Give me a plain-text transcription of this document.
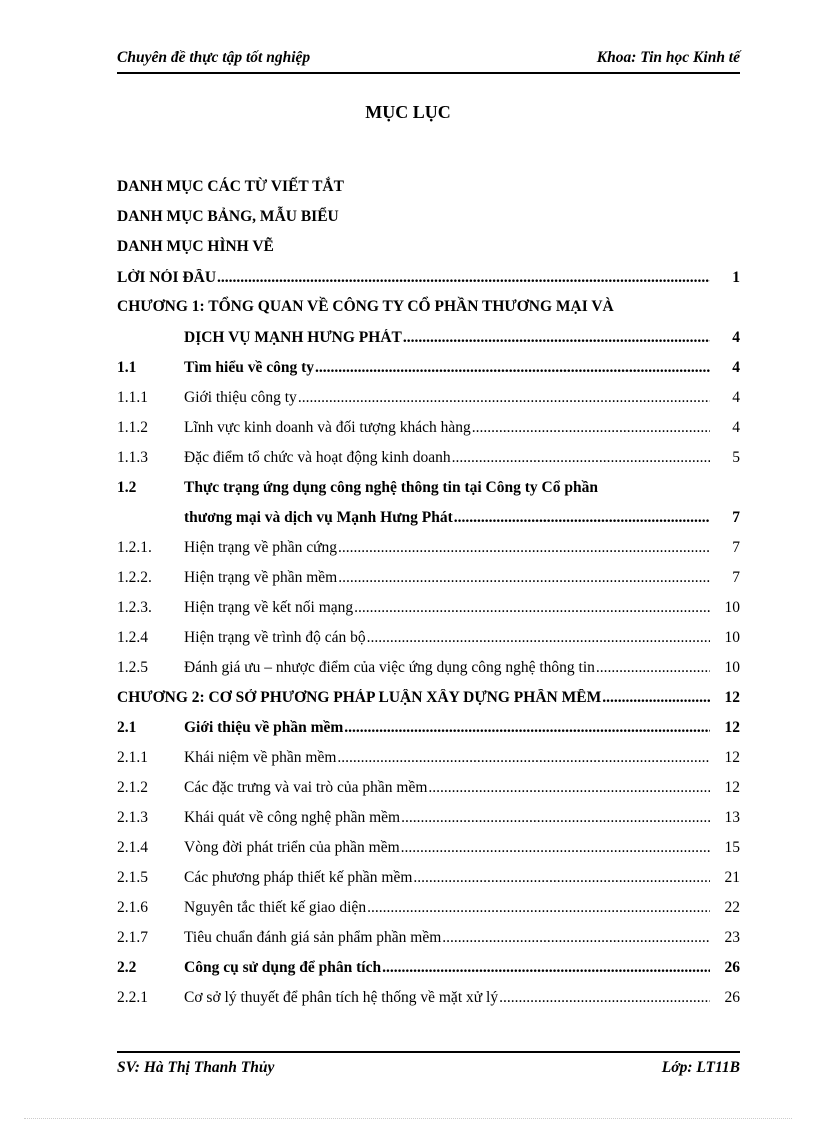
Chuyên đề thực tập tốt nghiệp	Khoa: Tin học Kinh tế
MỤC LỤC
DANH MỤC CÁC TỪ VIẾT TẮT
DANH MỤC BẢNG, MẪU BIỂU
DANH MỤC HÌNH VẼ
LỜI NÓI ĐẦU .....	1
CHƯƠNG 1: TỔNG QUAN VỀ CÔNG TY CỔ PHẦN THƯƠNG MẠI VÀ
DỊCH VỤ MẠNH HƯNG PHÁT .....	4
1.1	Tìm hiểu về công ty .....	4
1.1.1 Giới thiệu công ty .....	4
1.1.2 Lĩnh vực kinh doanh và đối tượng khách hàng .....	4
1.1.3 Đặc điểm tổ chức và hoạt động kinh doanh .....	5
1.2	Thực trạng ứng dụng công nghệ thông tin tại Công ty Cổ phần
thương mại và dịch vụ Mạnh Hưng Phát .....	7
1.2.1. Hiện trạng về phần cứng .....	7
1.2.2. Hiện trạng về phần mềm .....	7
1.2.3. Hiện trạng về kết nối mạng .....	10
1.2.4 Hiện trạng về trình độ cán bộ .....	10
1.2.5 Đánh giá ưu – nhược điểm của việc ứng dụng công nghệ thông tin .....	10
CHƯƠNG 2: CƠ SỞ PHƯƠNG PHÁP LUẬN XÂY DỰNG PHẦN MỀM .....	12
2.1	Giới thiệu về phần mềm .....	12
2.1.1 Khái niệm về phần mềm .....	12
2.1.2 Các đặc trưng và vai trò của phần mềm .....	12
2.1.3 Khái quát về công nghệ phần mềm .....	13
2.1.4 Vòng đời phát triển của phần mềm .....	15
2.1.5 Các phương pháp thiết kế phần mềm .....	21
2.1.6 Nguyên tắc thiết kế giao diện .....	22
2.1.7 Tiêu chuẩn đánh giá sản phẩm phần mềm .....	23
2.2	Công cụ sử dụng để phân tích .....	26
2.2.1 Cơ sở lý thuyết để phân tích hệ thống về mặt xử lý .....	26
SV: Hà Thị Thanh Thủy	Lớp: LT11B
